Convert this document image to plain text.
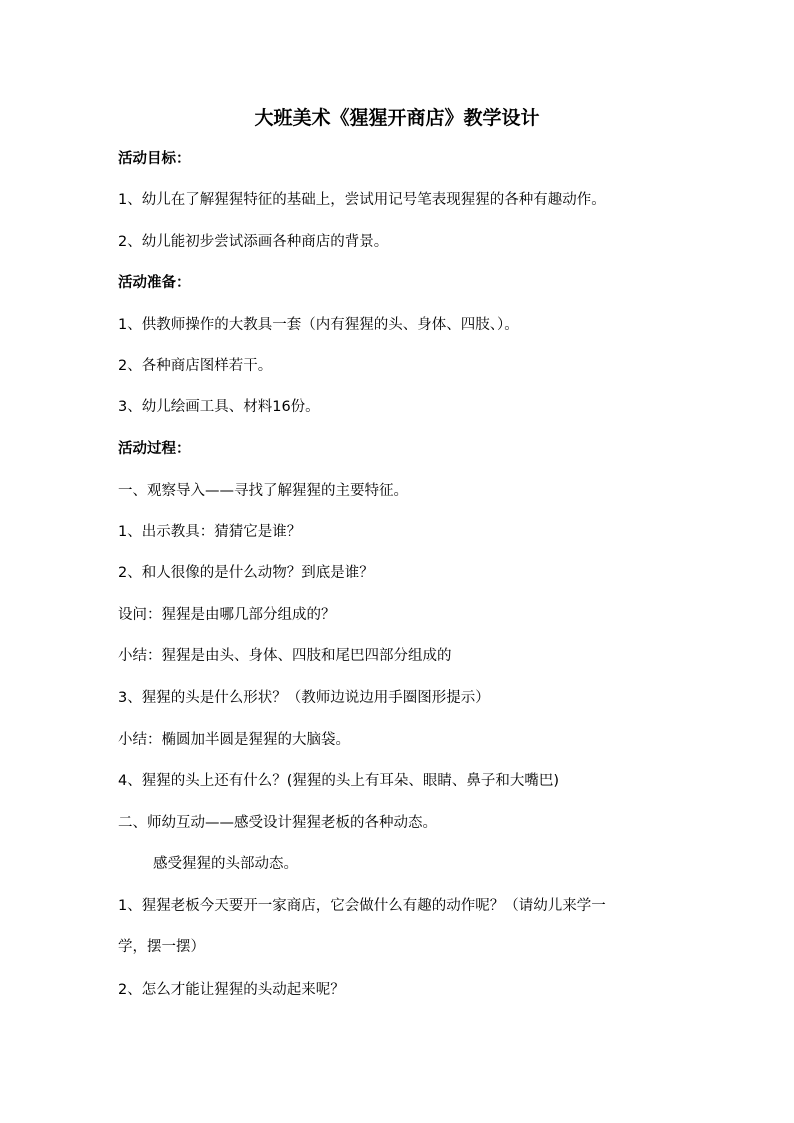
大班美术《猩猩开商店》教学设计
活动目标：
1、幼儿在了解猩猩特征的基础上，尝试用记号笔表现猩猩的各种有趣动作。
2、幼儿能初步尝试添画各种商店的背景。
活动准备：
1、供教师操作的大教具一套（内有猩猩的头、身体、四肢、）。
2、各种商店图样若干。
3、幼儿绘画工具、材料16份。
活动过程：
一、观察导入——寻找了解猩猩的主要特征。
1、出示教具：猜猜它是谁？
2、和人很像的是什么动物？到底是谁？
设问：猩猩是由哪几部分组成的？
小结：猩猩是由头、身体、四肢和尾巴四部分组成的
3、猩猩的头是什么形状？（教师边说边用手圈图形提示）
小结：椭圆加半圆是猩猩的大脑袋。
4、猩猩的头上还有什么？(猩猩的头上有耳朵、眼睛、鼻子和大嘴巴)
二、师幼互动——感受设计猩猩老板的各种动态。
感受猩猩的头部动态。
1、猩猩老板今天要开一家商店，它会做什么有趣的动作呢？（请幼儿来学一
学，摆一摆）
2、怎么才能让猩猩的头动起来呢？
